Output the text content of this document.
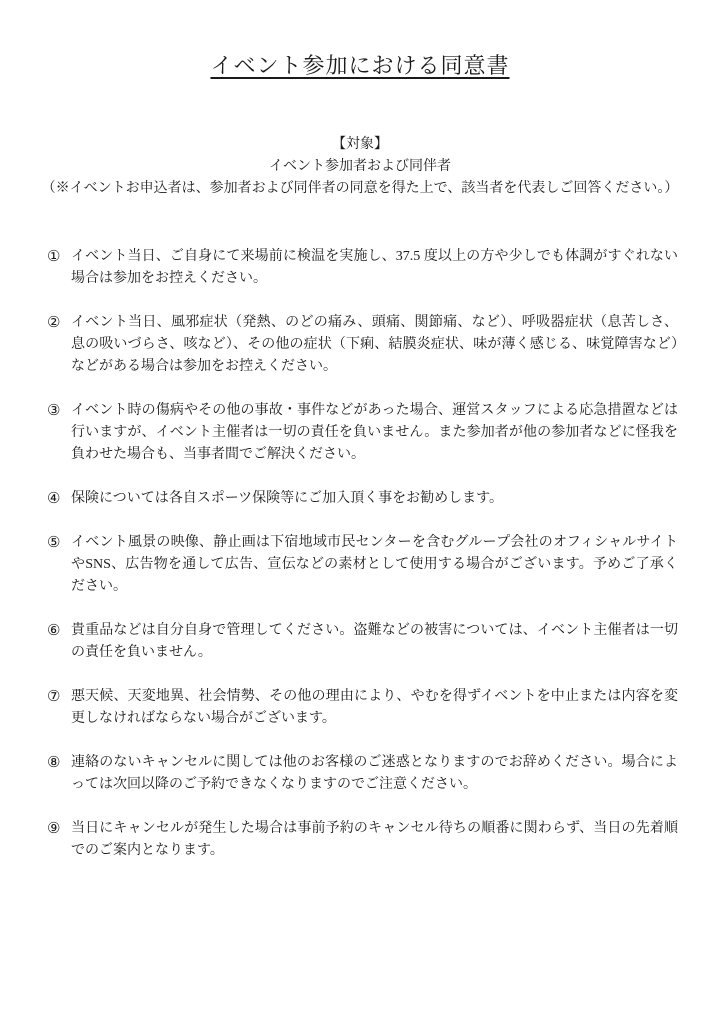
イベント参加における同意書
【対象】
イベント参加者および同伴者
（※イベントお申込者は、参加者および同伴者の同意を得た上で、該当者を代表しご回答ください。）
① イベント当日、ご自身にて来場前に検温を実施し、37.5 度以上の方や少しでも体調がすぐれない場合は参加をお控えください。
② イベント当日、風邪症状（発熱、のどの痛み、頭痛、関節痛、など）、呼吸器症状（息苦しさ、息の吸いづらさ、咳など）、その他の症状（下痢、結膜炎症状、味が薄く感じる、味覚障害など）などがある場合は参加をお控えください。
③ イベント時の傷病やその他の事故・事件などがあった場合、運営スタッフによる応急措置などは行いますが、イベント主催者は一切の責任を負いません。また参加者が他の参加者などに怪我を負わせた場合も、当事者間でご解決ください。
④ 保険については各自スポーツ保険等にご加入頂く事をお勧めします。
⑤ イベント風景の映像、静止画は下宿地域市民センターを含むグループ会社のオフィシャルサイトやSNS、広告物を通して広告、宣伝などの素材として使用する場合がございます。予めご了承ください。
⑥ 貴重品などは自分自身で管理してください。盗難などの被害については、イベント主催者は一切の責任を負いません。
⑦ 悪天候、天変地異、社会情勢、その他の理由により、やむを得ずイベントを中止または内容を変更しなければならない場合がございます。
⑧ 連絡のないキャンセルに関しては他のお客様のご迷惑となりますのでお辞めください。場合によっては次回以降のご予約できなくなりますのでご注意ください。
⑨ 当日にキャンセルが発生した場合は事前予約のキャンセル待ちの順番に関わらず、当日の先着順でのご案内となります。
